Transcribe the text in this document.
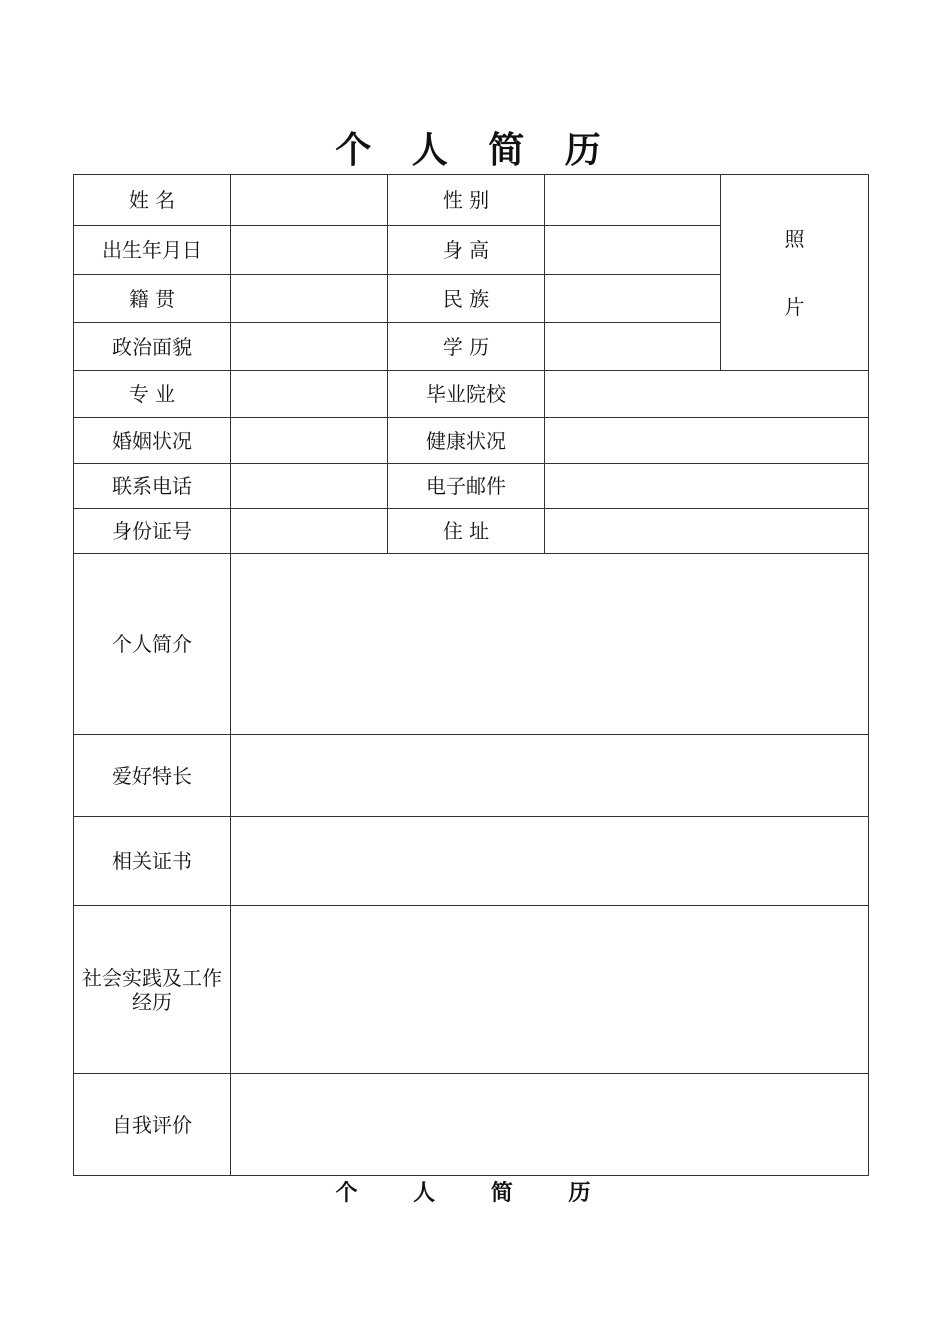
个 人 简 历
姓 名		性 别		照
片

出生年月日		身 高		
籍 贯		民 族		
政治面貌		学 历		
专 业		毕业院校		
婚姻状况		健康状况		
联系电话		电子邮件		
身份证号		住 址		
个人简介				
爱好特长				
相关证书				
社会实践及工作经历				
自我评价				
个 人 简 历
